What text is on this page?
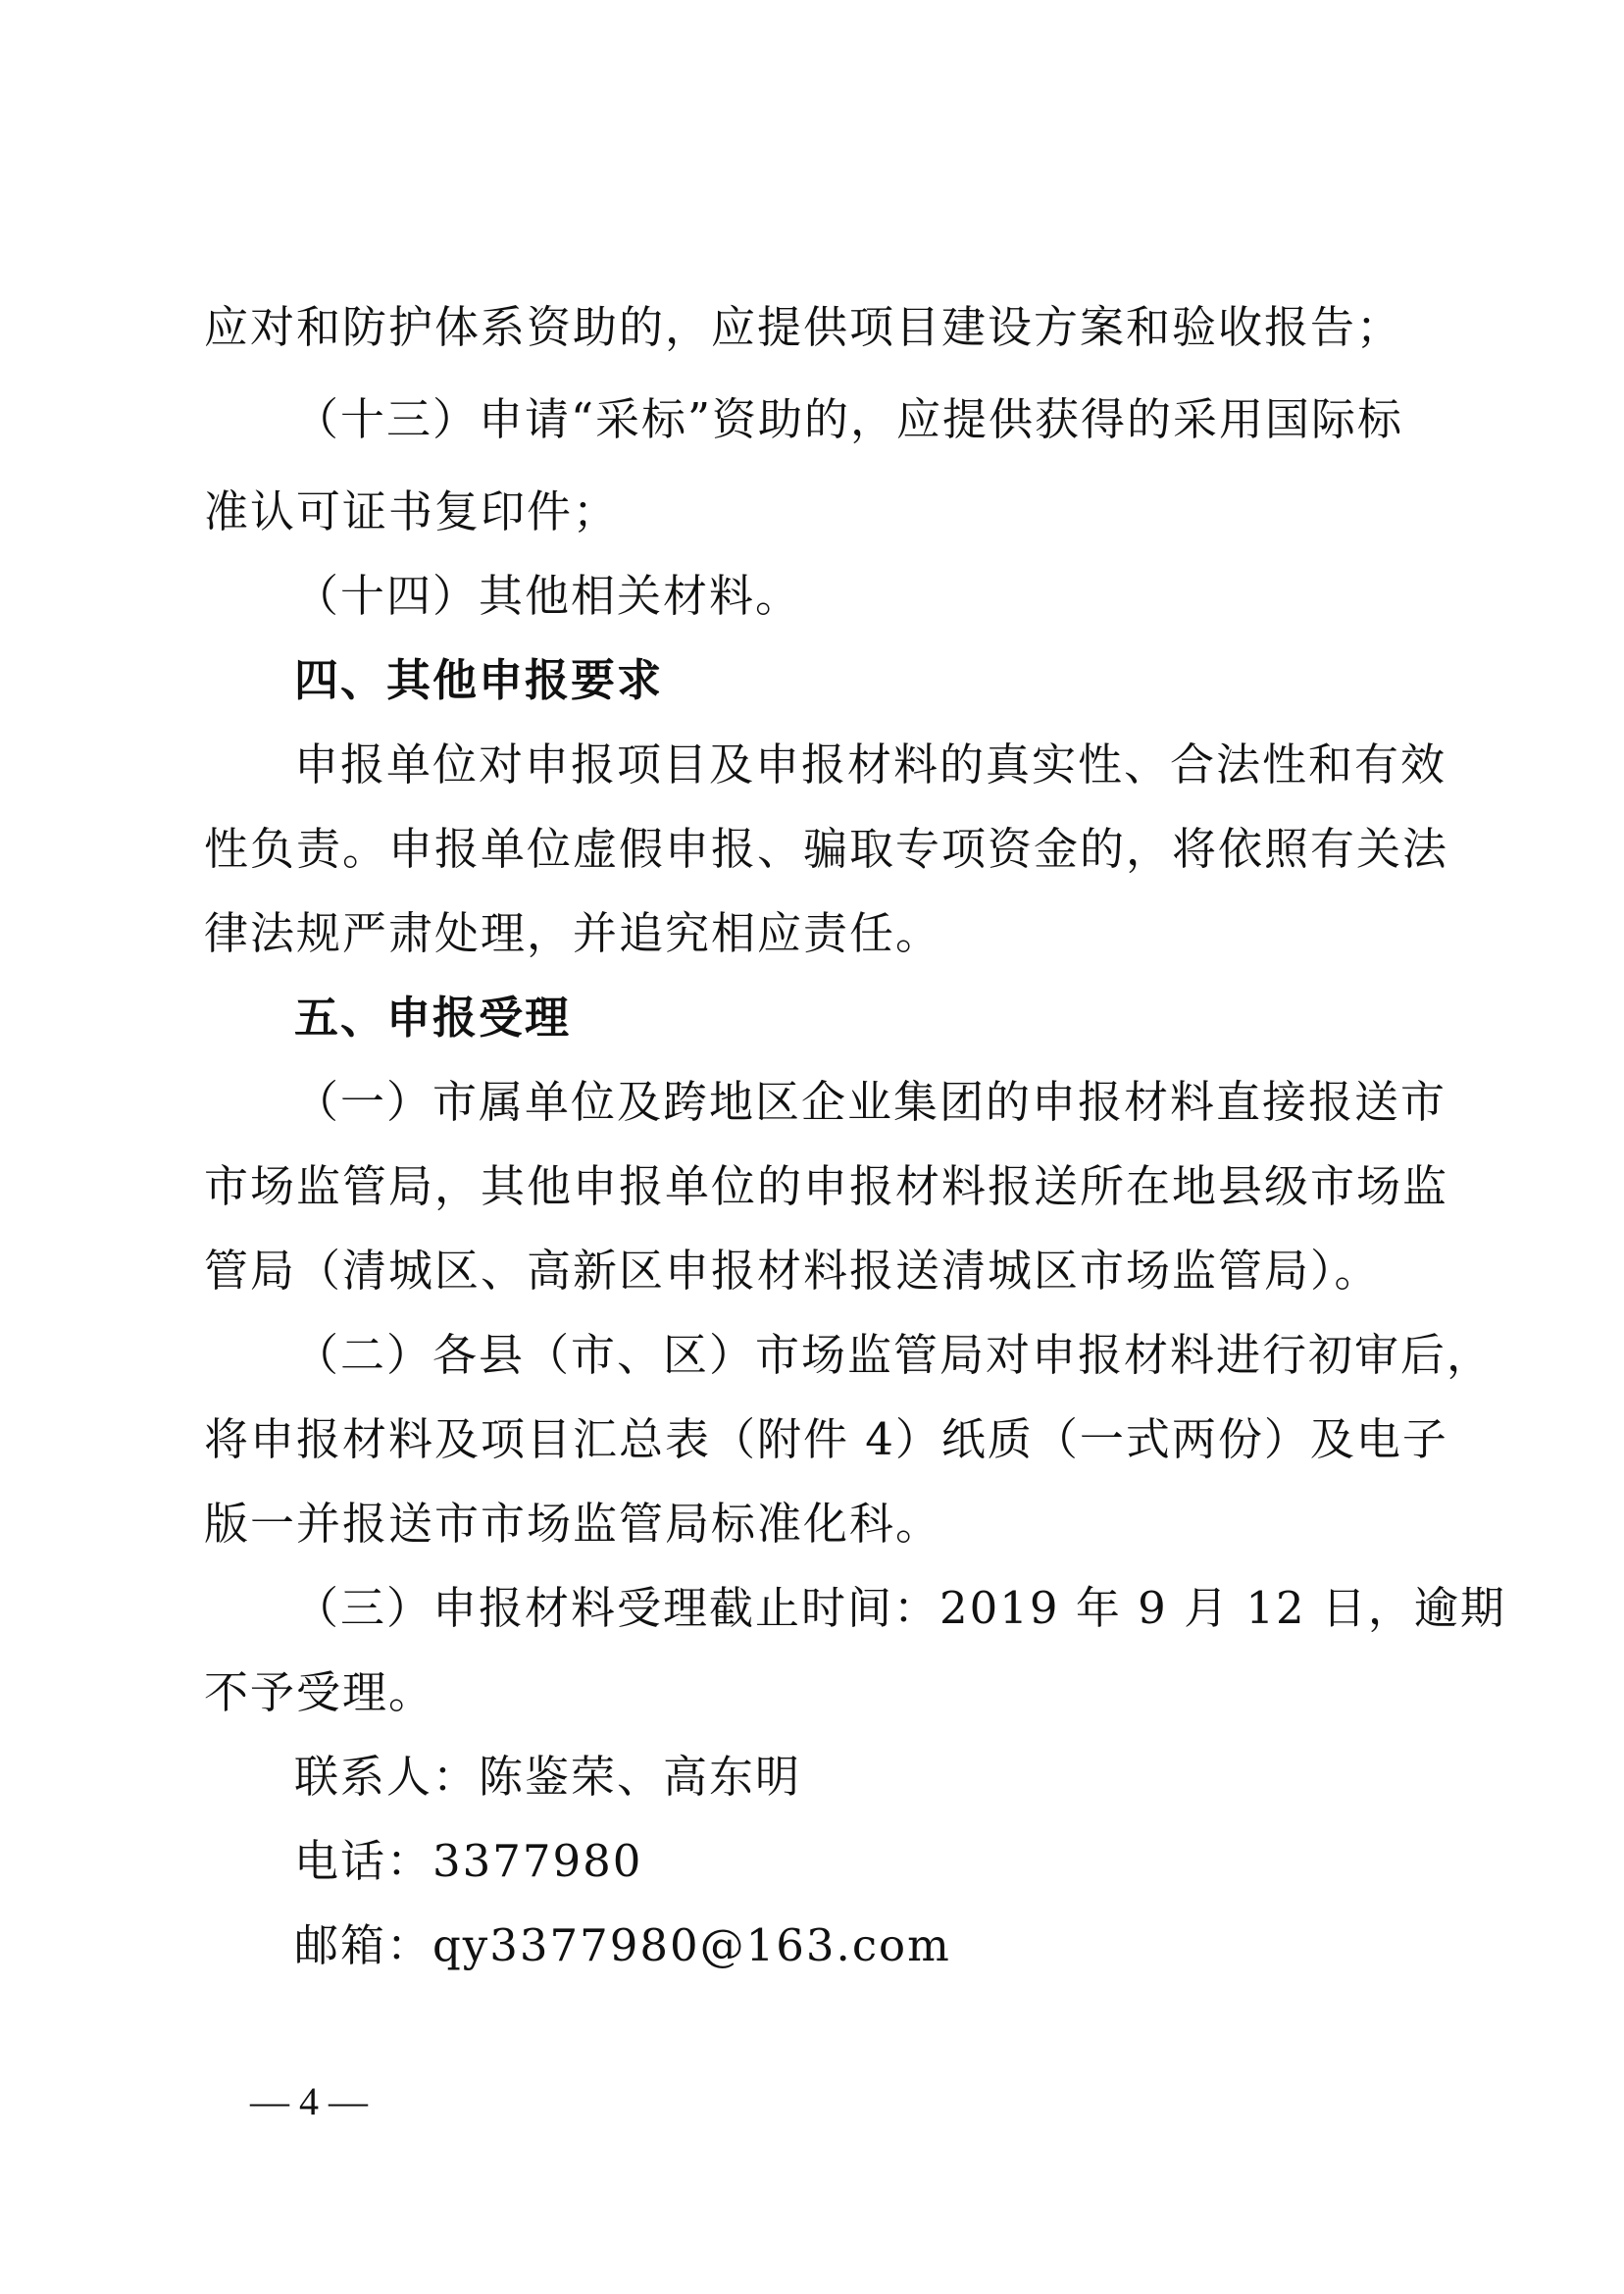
应对和防护体系资助的，应提供项目建设方案和验收报告；
（十三）申请“采标”资助的，应提供获得的采用国际标
准认可证书复印件；
（十四）其他相关材料。
四、其他申报要求
申报单位对申报项目及申报材料的真实性、合法性和有效
性负责。申报单位虚假申报、骗取专项资金的，将依照有关法
律法规严肃处理，并追究相应责任。
五、申报受理
（一）市属单位及跨地区企业集团的申报材料直接报送市
市场监管局，其他申报单位的申报材料报送所在地县级市场监
管局（清城区、高新区申报材料报送清城区市场监管局）。
（二）各县（市、区）市场监管局对申报材料进行初审后，
将申报材料及项目汇总表（附件 4）纸质（一式两份）及电子
版一并报送市市场监管局标准化科。
（三）申报材料受理截止时间：2019 年 9 月 12 日，逾期
不予受理。
联系人：陈鉴荣、高东明
电话：3377980
邮箱：qy3377980@163.com
— 4 —
